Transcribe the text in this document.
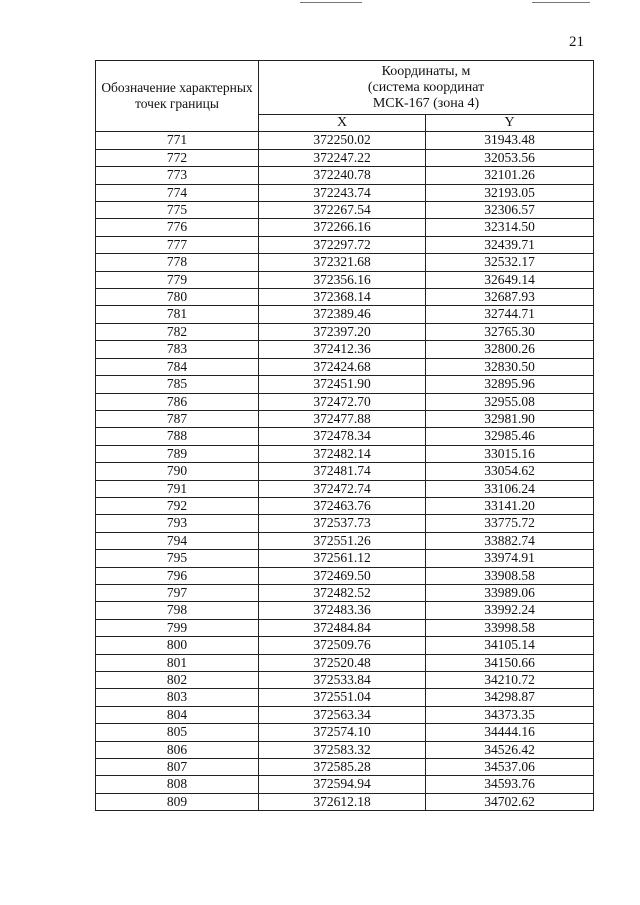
21
Обозначение характерных точек границы	Координаты, м
(система координат
МСК-167 (зона 4)	

	X	Y
771	372250.02	31943.48
772	372247.22	32053.56
773	372240.78	32101.26
774	372243.74	32193.05
775	372267.54	32306.57
776	372266.16	32314.50
777	372297.72	32439.71
778	372321.68	32532.17
779	372356.16	32649.14
780	372368.14	32687.93
781	372389.46	32744.71
782	372397.20	32765.30
783	372412.36	32800.26
784	372424.68	32830.50
785	372451.90	32895.96
786	372472.70	32955.08
787	372477.88	32981.90
788	372478.34	32985.46
789	372482.14	33015.16
790	372481.74	33054.62
791	372472.74	33106.24
792	372463.76	33141.20
793	372537.73	33775.72
794	372551.26	33882.74
795	372561.12	33974.91
796	372469.50	33908.58
797	372482.52	33989.06
798	372483.36	33992.24
799	372484.84	33998.58
800	372509.76	34105.14
801	372520.48	34150.66
802	372533.84	34210.72
803	372551.04	34298.87
804	372563.34	34373.35
805	372574.10	34444.16
806	372583.32	34526.42
807	372585.28	34537.06
808	372594.94	34593.76
809	372612.18	34702.62
